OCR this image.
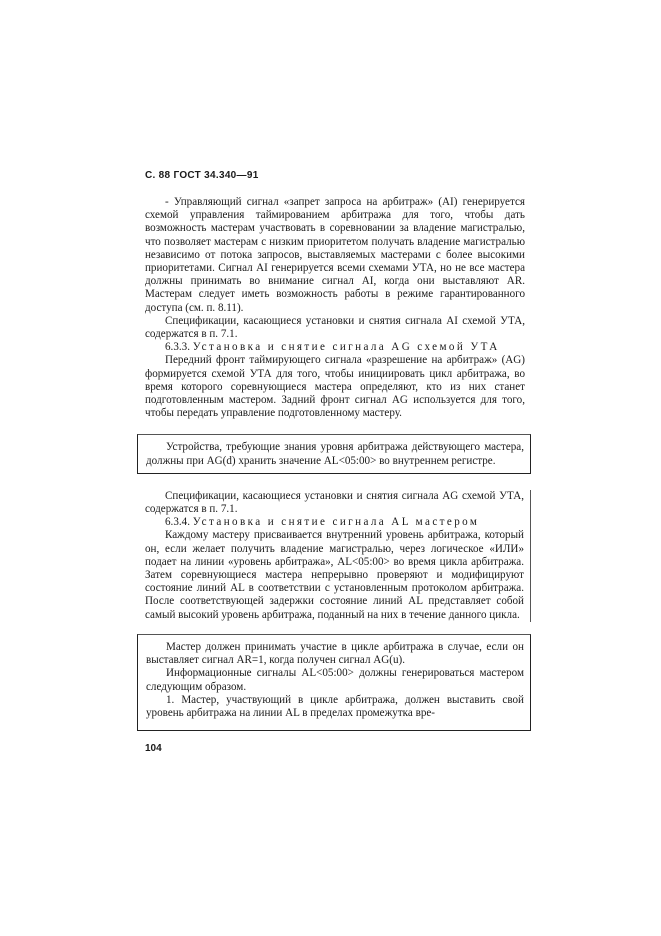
С. 88 ГОСТ 34.340—91

- Управляющий сигнал «запрет запроса на арбитраж» (AI) генерируется схемой управления таймированием арбитража для того, чтобы дать возможность мастерам участвовать в соревновании за владение магистралью, что позволяет мастерам с низким приоритетом получать владение магистралью независимо от потока запросов, выставляемых мастерами с более высокими приоритетами. Сигнал AI генерируется всеми схемами УТА, но не все мастера должны принимать во внимание сигнал AI, когда они выставляют AR. Мастерам следует иметь возможность работы в режиме гарантированного доступа (см. п. 8.11).

Спецификации, касающиеся установки и снятия сигнала AI схемой УТА, содержатся в п. 7.1.

6.3.3. Установка и снятие сигнала AG схемой УТА

Передний фронт таймирующего сигнала «разрешение на арбитраж» (AG) формируется схемой УТА для того, чтобы инициировать цикл арбитража, во время которого соревнующиеся мастера определяют, кто из них станет подготовленным мастером. Задний фронт сигнал AG используется для того, чтобы передать управление подготовленному мастеру.

Устройства, требующие знания уровня арбитража действующего мастера, должны при AG(d) хранить значение AL<05:00> во внутреннем регистре.

Спецификации, касающиеся установки и снятия сигнала AG схемой УТА, содержатся в п. 7.1.

6.3.4. Установка и снятие сигнала AL мастером

Каждому мастеру присваивается внутренний уровень арбитража, который он, если желает получить владение магистралью, через логическое «ИЛИ» подает на линии «уровень арбитража», AL<05:00> во время цикла арбитража. Затем соревнующиеся мастера непрерывно проверяют и модифицируют состояние линий AL в соответствии с установленным протоколом арбитража. После соответствующей задержки состояние линий AL представляет собой самый высокий уровень арбитража, поданный на них в течение данного цикла.

Мастер должен принимать участие в цикле арбитража в случае, если он выставляет сигнал AR=1, когда получен сигнал AG(u).

Информационные сигналы AL<05:00> должны генерироваться мастером следующим образом.

1. Мастер, участвующий в цикле арбитража, должен выставить свой уровень арбитража на линии AL в пределах промежутка вре-

104
